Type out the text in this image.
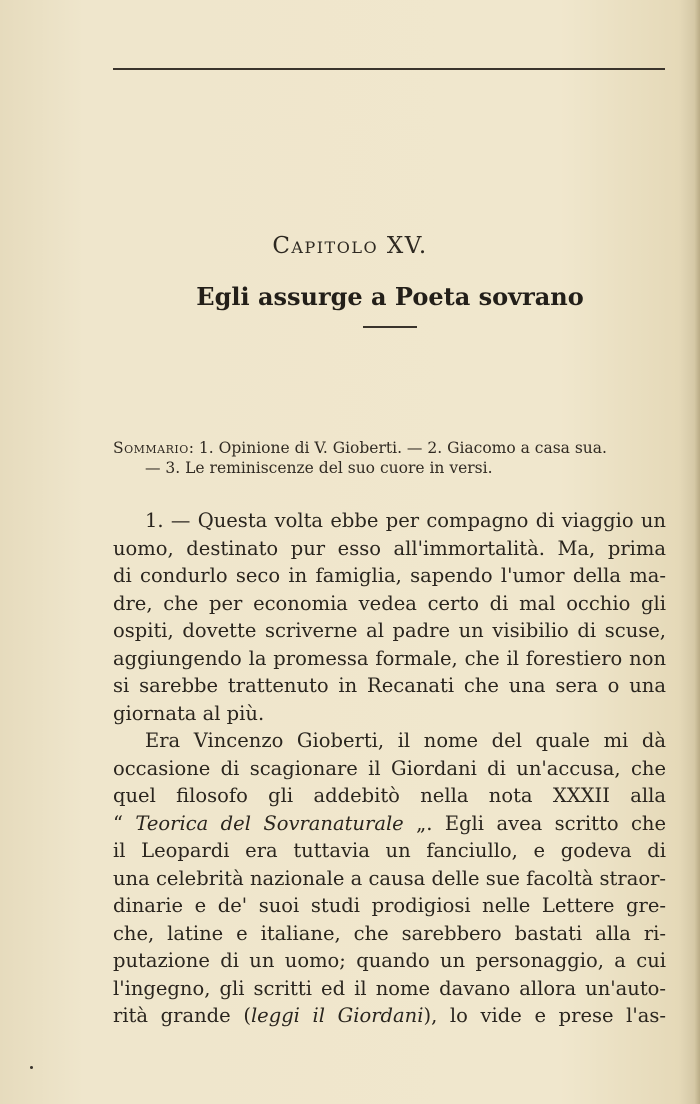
Capitolo XV.
Egli assurge a Poeta sovrano
Sommario: 1. Opinione di V. Gioberti. — 2. Giacomo a casa sua.
— 3. Le reminiscenze del suo cuore in versi.
1. — Questa volta ebbe per compagno di viaggio un
uomo, destinato pur esso all'immortalità. Ma, prima
di condurlo seco in famiglia, sapendo l'umor della ma-
dre, che per economia vedea certo di mal occhio gli
ospiti, dovette scriverne al padre un visibilio di scuse,
aggiungendo la promessa formale, che il forestiero non
si sarebbe trattenuto in Recanati che una sera o una
giornata al più.
Era Vincenzo Gioberti, il nome del quale mi dà
occasione di scagionare il Giordani di un'accusa, che
quel filosofo gli addebitò nella nota XXXII alla
“ Teorica del Sovranaturale „. Egli avea scritto che
il Leopardi era tuttavia un fanciullo, e godeva di
una celebrità nazionale a causa delle sue facoltà straor-
dinarie e de' suoi studi prodigiosi nelle Lettere gre-
che, latine e italiane, che sarebbero bastati alla ri-
putazione di un uomo; quando un personaggio, a cui
l'ingegno, gli scritti ed il nome davano allora un'auto-
rità grande (leggi il Giordani), lo vide e prese l'as-
